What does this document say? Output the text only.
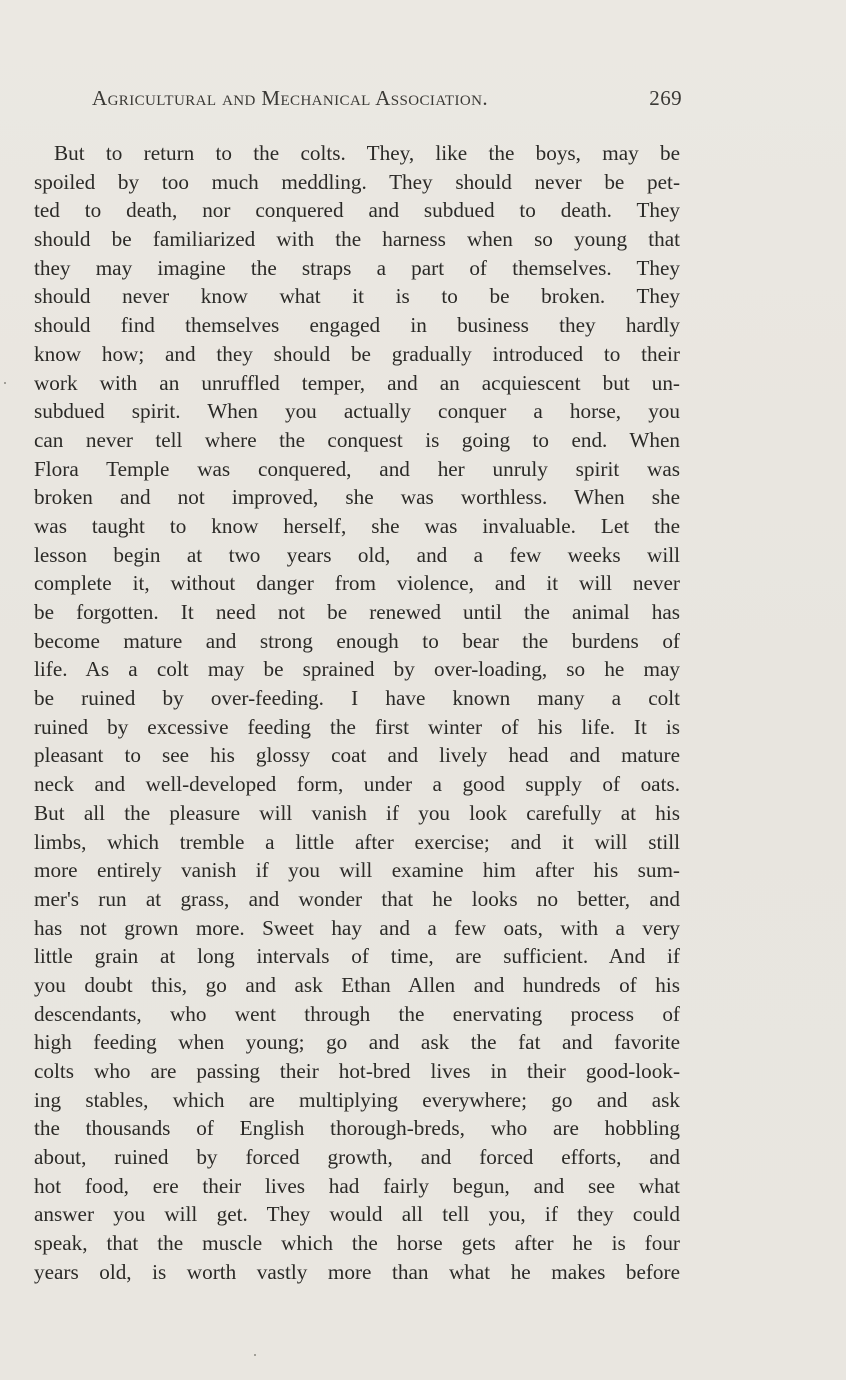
Agricultural and Mechanical Association.	269
But to return to the colts. They, like the boys, may be
spoiled by too much meddling. They should never be pet-
ted to death, nor conquered and subdued to death. They
should be familiarized with the harness when so young that
they may imagine the straps a part of themselves. They
should never know what it is to be broken. They
should find themselves engaged in business they hardly
know how; and they should be gradually introduced to their
work with an unruffled temper, and an acquiescent but un-
subdued spirit. When you actually conquer a horse, you
can never tell where the conquest is going to end. When
Flora Temple was conquered, and her unruly spirit was
broken and not improved, she was worthless. When she
was taught to know herself, she was invaluable. Let the
lesson begin at two years old, and a few weeks will
complete it, without danger from violence, and it will never
be forgotten. It need not be renewed until the animal has
become mature and strong enough to bear the burdens of
life. As a colt may be sprained by over-loading, so he may
be ruined by over-feeding. I have known many a colt
ruined by excessive feeding the first winter of his life. It is
pleasant to see his glossy coat and lively head and mature
neck and well-developed form, under a good supply of oats.
But all the pleasure will vanish if you look carefully at his
limbs, which tremble a little after exercise; and it will still
more entirely vanish if you will examine him after his sum-
mer's run at grass, and wonder that he looks no better, and
has not grown more. Sweet hay and a few oats, with a very
little grain at long intervals of time, are sufficient. And if
you doubt this, go and ask Ethan Allen and hundreds of his
descendants, who went through the enervating process of
high feeding when young; go and ask the fat and favorite
colts who are passing their hot-bred lives in their good-look-
ing stables, which are multiplying everywhere; go and ask
the thousands of English thorough-breds, who are hobbling
about, ruined by forced growth, and forced efforts, and
hot food, ere their lives had fairly begun, and see what
answer you will get. They would all tell you, if they could
speak, that the muscle which the horse gets after he is four
years old, is worth vastly more than what he makes before
